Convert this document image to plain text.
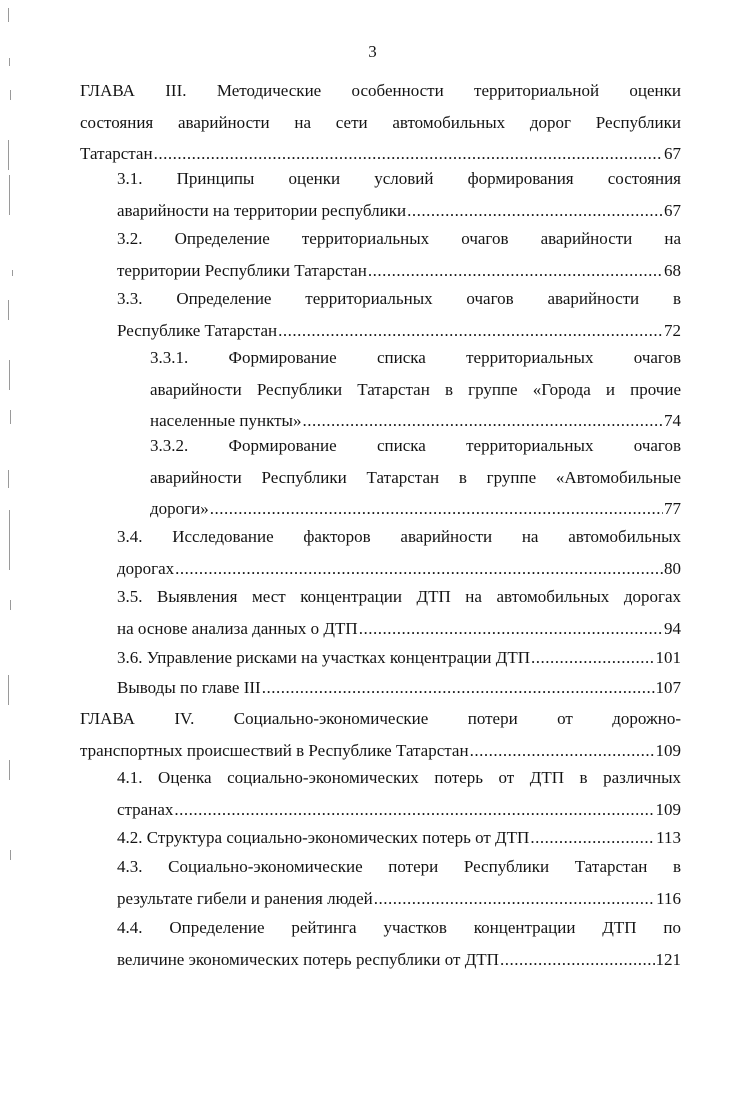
3
ГЛАВА III. Методические особенности территориальной оценки
состояния аварийности на сети автомобильных дорог Республики
Татарстан .....	67
3.1. Принципы оценки условий формирования состояния
аварийности на территории республики .....	67
3.2. Определение территориальных очагов аварийности на
территории Республики Татарстан .....	68
3.3. Определение территориальных очагов аварийности в
Республике Татарстан .....	72
3.3.1. Формирование списка территориальных очагов
аварийности Республики Татарстан в группе «Города и прочие
населенные пункты» .....	74
3.3.2. Формирование списка территориальных очагов
аварийности Республики Татарстан в группе «Автомобильные
дороги» .....	77
3.4. Исследование факторов аварийности на автомобильных
дорогах .....	80
3.5. Выявления мест концентрации ДТП на автомобильных дорогах
на основе анализа данных о ДТП .....	94
3.6. Управление рисками на участках концентрации ДТП .....	101
Выводы по главе III .....	107
ГЛАВА IV. Социально-экономические потери от дорожно-
транспортных происшествий в Республике Татарстан .....	109
4.1. Оценка социально-экономических потерь от ДТП в различных
странах .....	109
4.2. Структура социально-экономических потерь от ДТП .....	113
4.3. Социально-экономические потери Республики Татарстан в
результате гибели и ранения людей .....	116
4.4. Определение рейтинга участков концентрации ДТП по
величине экономических потерь республики от ДТП .....	121
